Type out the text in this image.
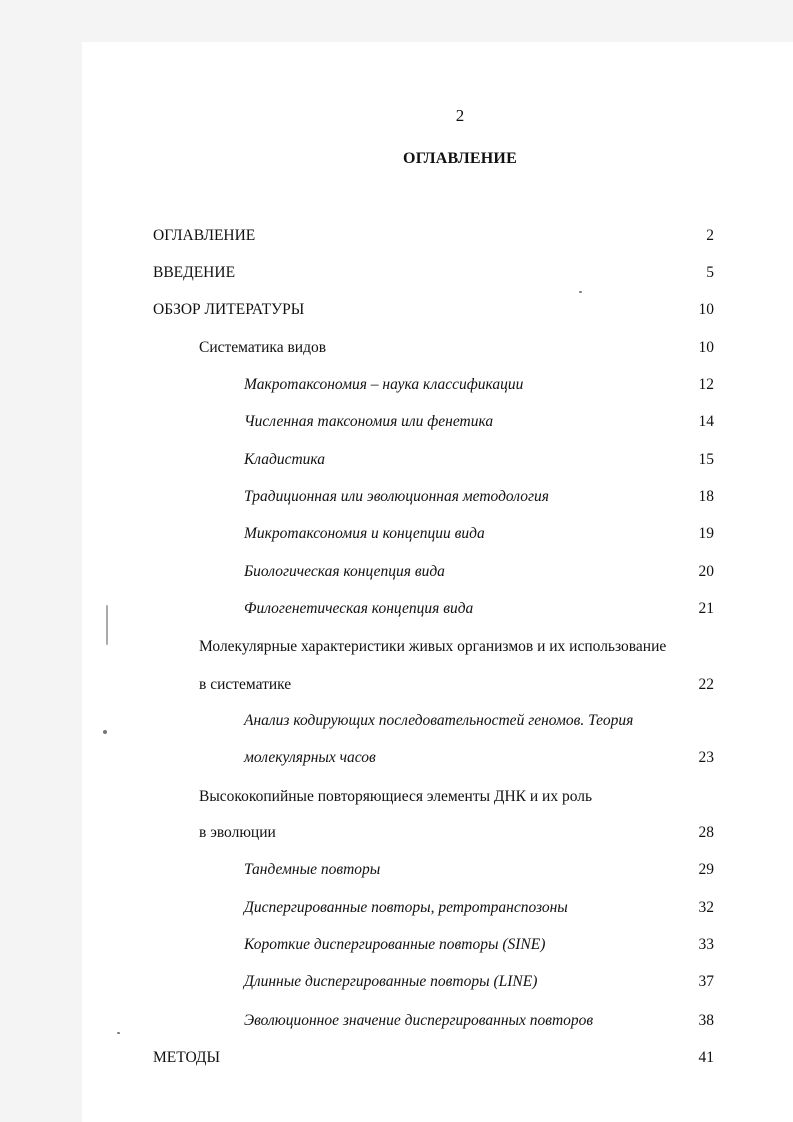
2
ОГЛАВЛЕНИЕ
ОГЛАВЛЕНИЕ	2
ВВЕДЕНИЕ	5
ОБЗОР ЛИТЕРАТУРЫ	10
Систематика видов	10
Макротаксономия – наука классификации	12
Численная таксономия или фенетика	14
Кладистика	15
Традиционная или эволюционная методология	18
Микротаксономия и концепции вида	19
Биологическая концепция вида	20
Филогенетическая концепция вида	21
Молекулярные характеристики живых организмов и их использование
в систематике	22
Анализ кодирующих последовательностей геномов. Теория
молекулярных часов	23
Высококопийные повторяющиеся элементы ДНК и их роль
в эволюции	28
Тандемные повторы	29
Диспергированные повторы, ретротранспозоны	32
Короткие диспергированные повторы (SINE)	33
Длинные диспергированные повторы (LINE)	37
Эволюционное значение диспергированных повторов	38
МЕТОДЫ	41
